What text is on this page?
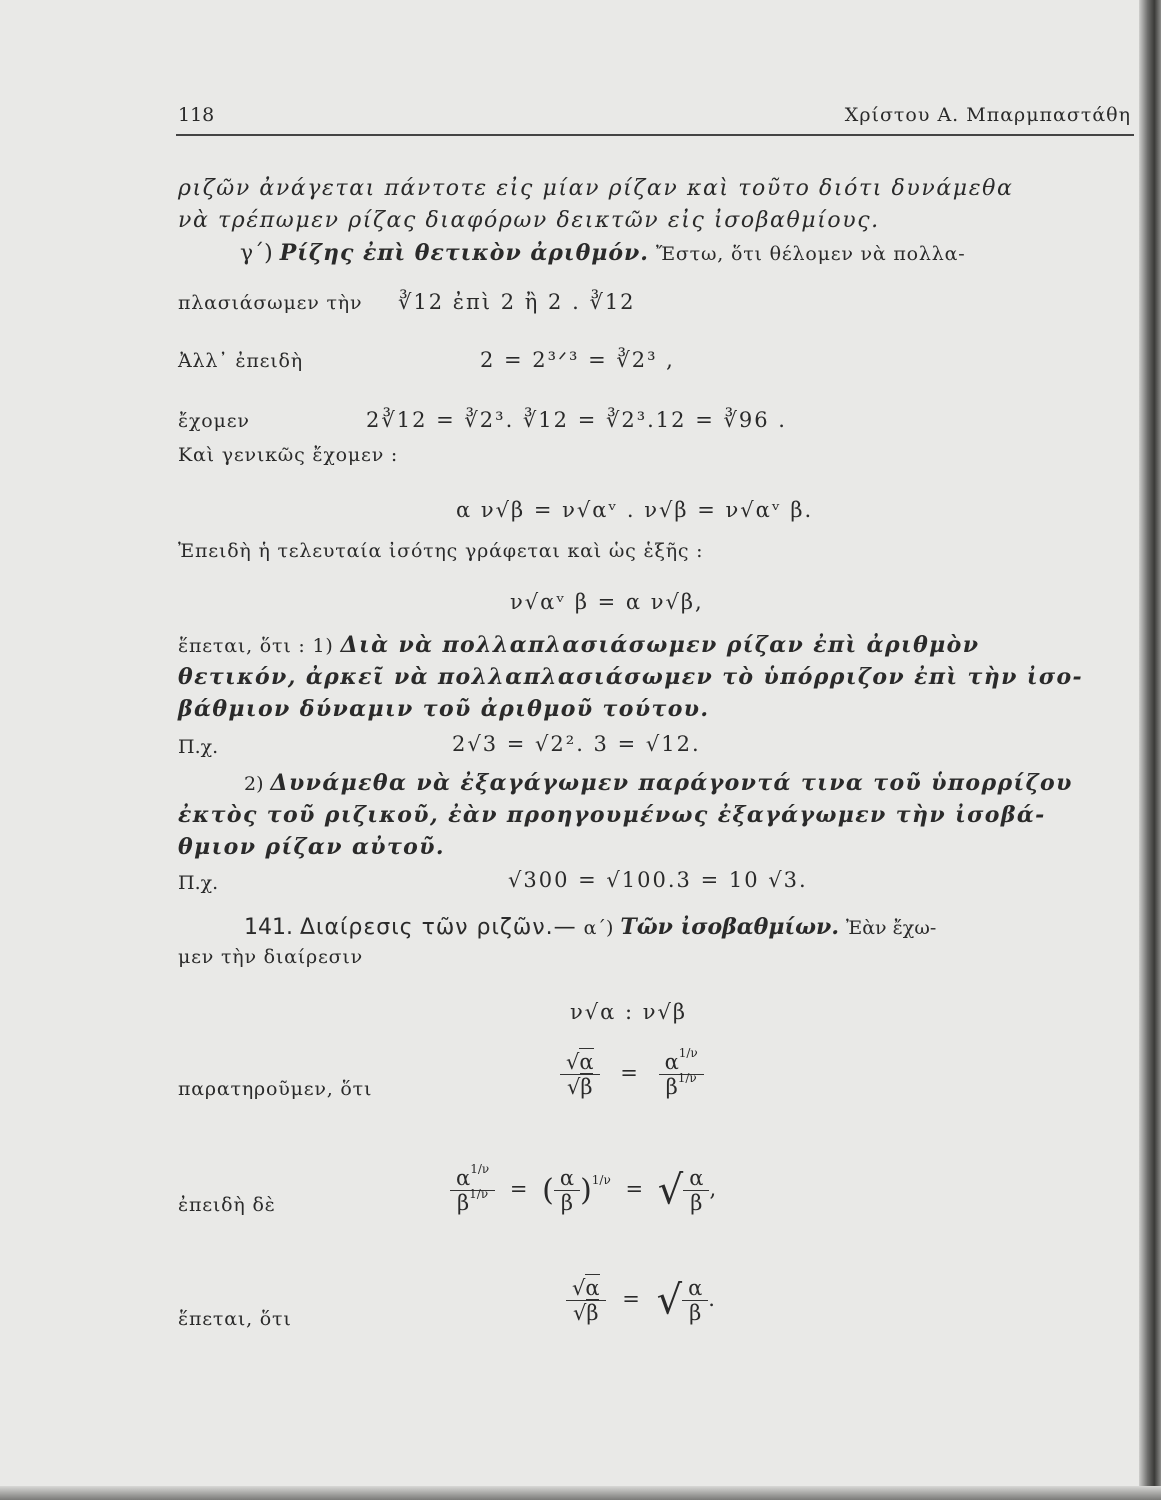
118	Χρίστου Α. Μπαρμπαστάθη
ριζῶν ἀνάγεται πάντοτε εἰς μίαν ρίζαν καὶ τοῦτο διότι δυνάμεθα
νὰ τρέπωμεν ρίζας διαφόρων δεικτῶν εἰς ἰσοβαθμίους.
γ΄) Ρίζης ἐπὶ θετικὸν ἀριθμόν. Ἔστω, ὅτι θέλομεν νὰ πολλα-
πλασιάσωμεν τὴν ∛12 ἐπὶ 2 ἢ 2 . ∛12
Ἀλλ᾿ ἐπειδὴ	2 = 2³ᐟ³ = ∛2³ ,
ἔχομεν	2∛12 = ∛2³. ∛12 = ∛2³.12 = ∛96 .
Καὶ γενικῶς ἔχομεν :
α ν√β = ν√αᵛ . ν√β = ν√αᵛ β.
Ἐπειδὴ ἡ τελευταία ἰσότης γράφεται καὶ ὡς ἑξῆς :
ν√αᵛ β = α ν√β,
ἕπεται, ὅτι : 1) Διὰ νὰ πολλαπλασιάσωμεν ρίζαν ἐπὶ ἀριθμὸν
θετικόν, ἀρκεῖ νὰ πολλαπλασιάσωμεν τὸ ὑπόρριζον ἐπὶ τὴν ἰσο-
βάθμιον δύναμιν τοῦ ἀριθμοῦ τούτου.
Π.χ.	2√3 = √2². 3 = √12.
2) Δυνάμεθα νὰ ἐξαγάγωμεν παράγοντά τινα τοῦ ὑπορρίζου
ἐκτὸς τοῦ ριζικοῦ, ἐὰν προηγουμένως ἐξαγάγωμεν τὴν ἰσοβά-
θμιον ρίζαν αὐτοῦ.
Π.χ.	√300 = √100.3 = 10 √3.
141. Διαίρεσις τῶν ριζῶν.— α΄) Τῶν ἰσοβαθμίων. Ἐὰν ἔχω-
μεν τὴν διαίρεσιν
ν√α : ν√β
παρατηροῦμεν, ὅτι	$\frac{√\alpha}{√\beta} = \frac{\alpha^{1/\nu}}{\beta^{1/\nu}}$
ἐπειδὴ δὲ	$\frac{\alpha^{1/\nu}}{\beta^{1/\nu}}$ = ( $\frac{\alpha}{\beta} )^{1/\nu}$ = √ $\frac{\alpha}{\beta}$ ,
ἕπεται, ὅτι	$\frac{√\alpha}{√\beta}$ = √ $\frac{\alpha}{\beta}$ .
